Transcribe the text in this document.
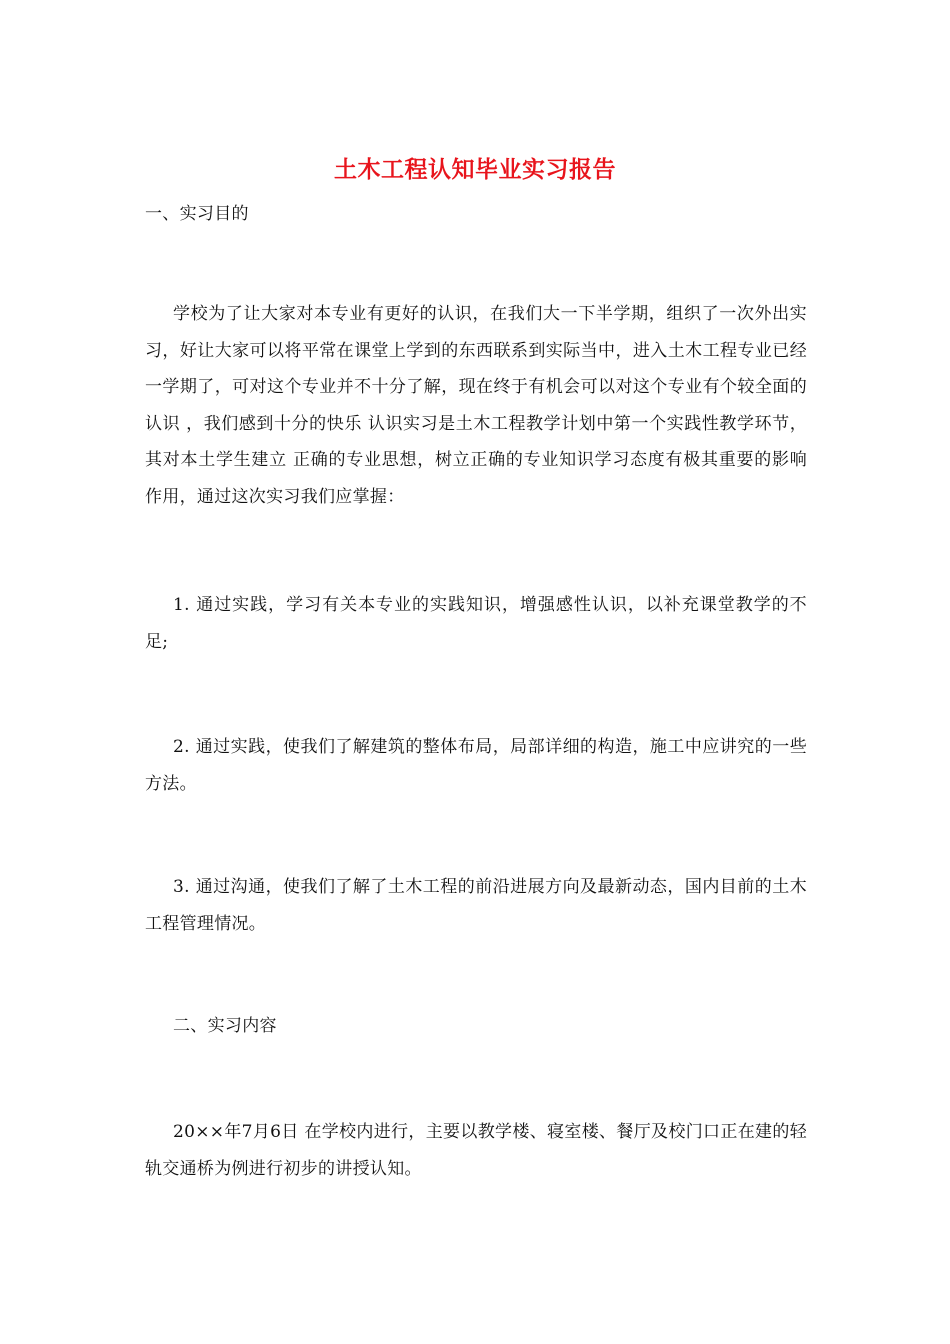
土木工程认知毕业实习报告

一、实习目的

学校为了让大家对本专业有更好的认识，在我们大一下半学期，组织了一次外出实习，好让大家可以将平常在课堂上学到的东西联系到实际当中，进入土木工程专业已经一学期了，可对这个专业并不十分了解，现在终于有机会可以对这个专业有个较全面的认识 ，我们感到十分的快乐 认识实习是土木工程教学计划中第一个实践性教学环节，其对本土学生建立 正确的专业思想，树立正确的专业知识学习态度有极其重要的影响作用，通过这次实习我们应掌握：

1. 通过实践，学习有关本专业的实践知识，增强感性认识，以补充课堂教学的不足;

2. 通过实践，使我们了解建筑的整体布局，局部详细的构造，施工中应讲究的一些方法。

3. 通过沟通，使我们了解了土木工程的前沿进展方向及最新动态，国内目前的土木工程管理情况。

二、实习内容

20××年7月6日 在学校内进行，主要以教学楼、寝室楼、餐厅及校门口正在建的轻轨交通桥为例进行初步的讲授认知。
